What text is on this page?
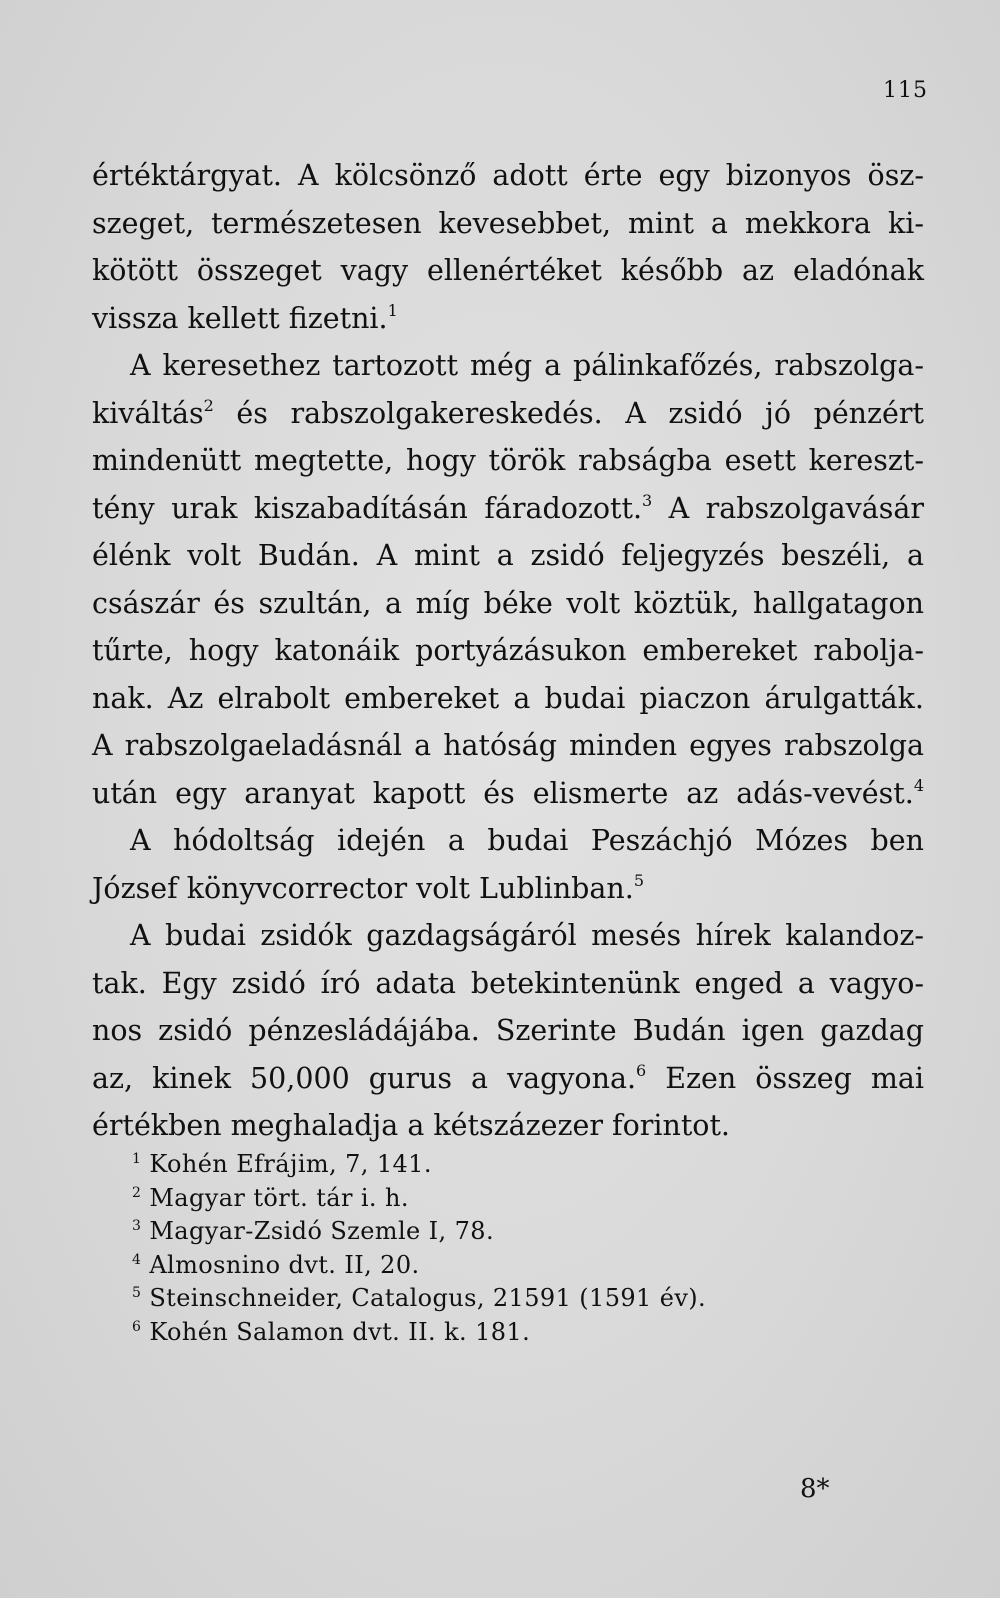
115
értéktárgyat. A kölcsönző adott érte egy bizonyos ösz-
szeget, természetesen kevesebbet, mint a mekkora ki-
kötött összeget vagy ellenértéket később az eladónak
vissza kellett fizetni.$^1$
A keresethez tartozott még a pálinkafőzés, rabszolga-
kiváltás$^2$ és rabszolgakereskedés. A zsidó jó pénzért
mindenütt megtette, hogy török rabságba esett kereszt-
tény urak kiszabadításán fáradozott.$^3$ A rabszolgavásár
élénk volt Budán. A mint a zsidó feljegyzés beszéli, a
császár és szultán, a míg béke volt köztük, hallgatagon
tűrte, hogy katonáik portyázásukon embereket rabolja-
nak. Az elrabolt embereket a budai piaczon árulgatták.
A rabszolgaeladásnál a hatóság minden egyes rabszolga
után egy aranyat kapott és elismerte az adás-vevést.$^4$
A hódoltság idején a budai Peszáchjó Mózes ben
József könyvcorrector volt Lublinban.$^5$
A budai zsidók gazdagságáról mesés hírek kalandoz-
tak. Egy zsidó író adata betekintenünk enged a vagyo-
nos zsidó pénzesládájába. Szerinte Budán igen gazdag
az, kinek 50,000 gurus a vagyona.$^6$ Ezen összeg mai
értékben meghaladja a kétszázezer forintot.
$^1$ Kohén Efrájim, 7, 141.
$^2$ Magyar tört. tár i. h.
$^3$ Magyar-Zsidó Szemle I, 78.
$^4$ Almosnino dvt. II, 20.
$^5$ Steinschneider, Catalogus, 21591 (1591 év).
$^6$ Kohén Salamon dvt. II. k. 181.
8*
